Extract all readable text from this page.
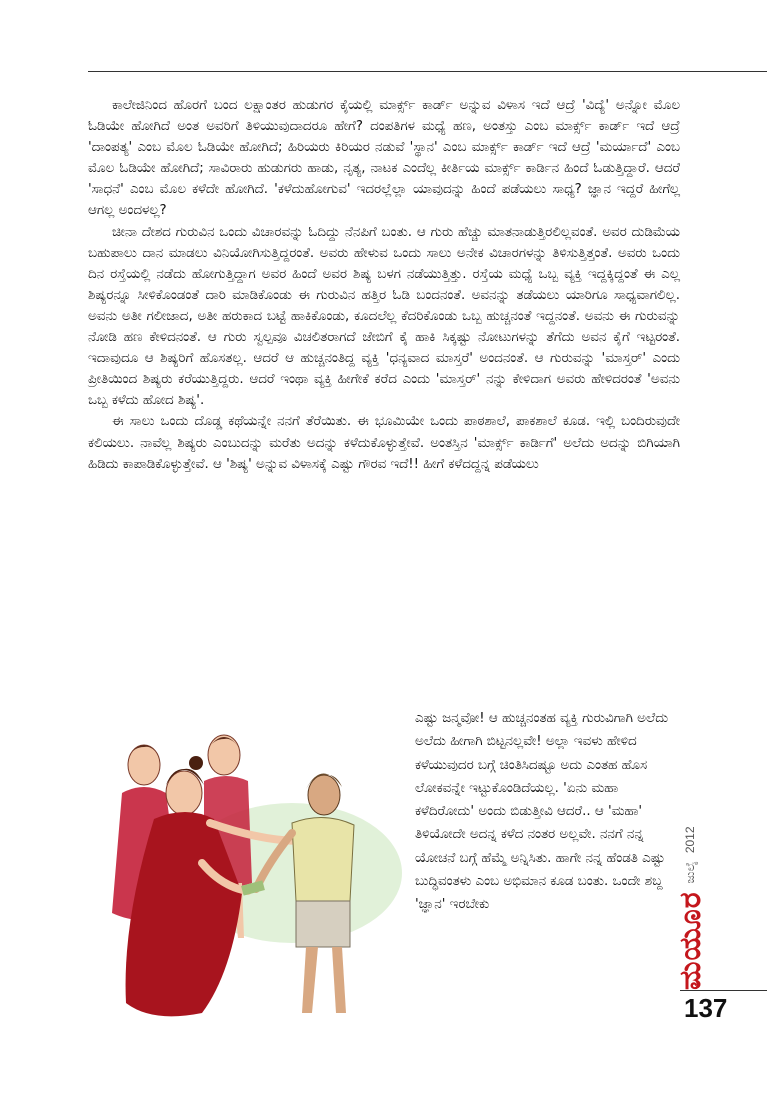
ಕಾಲೇಜಿನಿಂದ ಹೊರಗೆ ಬಂದ ಲಕ್ಷಾಂತರ ಹುಡುಗರ ಕೈಯಲ್ಲಿ ಮಾರ್ಕ್ಸ್ ಕಾರ್ಡ್ ಅನ್ನುವ ವಿಳಾಸ ಇದೆ ಆದ್ರೆ 'ವಿದ್ಯೆ' ಅನ್ನೋ ಮೊಲ ಓಡಿಯೇ ಹೋಗಿದೆ ಅಂತ ಅವರಿಗೆ ತಿಳಿಯುವುದಾದರೂ ಹೇಗೆ? ದಂಪತಿಗಳ ಮಧ್ಯೆ ಹಣ, ಅಂತಸ್ತು ಎಂಬ ಮಾರ್ಕ್ಸ್ ಕಾರ್ಡ್ ಇದೆ ಆದ್ರೆ 'ದಾಂಪತ್ಯ' ಎಂಬ ಮೊಲ ಓಡಿಯೇ ಹೋಗಿದೆ; ಹಿರಿಯರು ಕಿರಿಯರ ನಡುವೆ 'ಸ್ಥಾನ' ಎಂಬ ಮಾರ್ಕ್ಸ್ ಕಾರ್ಡ್ ಇದೆ ಆದ್ರೆ 'ಮರ್ಯಾದೆ' ಎಂಬ ಮೊಲ ಓಡಿಯೇ ಹೋಗಿದೆ; ಸಾವಿರಾರು ಹುಡುಗರು ಹಾಡು, ನೃತ್ಯ, ನಾಟಕ ಎಂದೆಲ್ಲ ಕೀರ್ತಿಯ ಮಾರ್ಕ್ಸ್ ಕಾರ್ಡಿನ ಹಿಂದೆ ಓಡುತ್ತಿದ್ದಾರೆ. ಆದರೆ 'ಸಾಧನೆ' ಎಂಬ ಮೊಲ ಕಳೆದೇ ಹೋಗಿದೆ. 'ಕಳೆದುಹೋಗುವ' ಇದರಲ್ಲೆಲ್ಲಾ ಯಾವುದನ್ನು ಹಿಂದೆ ಪಡೆಯಲು ಸಾಧ್ಯ? ಜ್ಞಾನ ಇದ್ದರೆ ಹೀಗೆಲ್ಲ ಆಗಲ್ಲ ಅಂದಳಲ್ಲ?

ಚೀನಾ ದೇಶದ ಗುರುವಿನ ಒಂದು ವಿಚಾರವನ್ನು ಓದಿದ್ದು ನೆನಪಿಗೆ ಬಂತು. ಆ ಗುರು ಹೆಚ್ಚು ಮಾತನಾಡುತ್ತಿರಲಿಲ್ಲವಂತೆ. ಅವರ ದುಡಿಮೆಯ ಬಹುಪಾಲು ದಾನ ಮಾಡಲು ವಿನಿಯೋಗಿಸುತ್ತಿದ್ದರಂತೆ. ಅವರು ಹೇಳುವ ಒಂದು ಸಾಲು ಅನೇಕ ವಿಚಾರಗಳನ್ನು ತಿಳಿಸುತ್ತಿತ್ತಂತೆ. ಅವರು ಒಂದು ದಿನ ರಸ್ತೆಯಲ್ಲಿ ನಡೆದು ಹೋಗುತ್ತಿದ್ದಾಗ ಅವರ ಹಿಂದೆ ಅವರ ಶಿಷ್ಯ ಬಳಗ ನಡೆಯುತ್ತಿತ್ತು. ರಸ್ತೆಯ ಮಧ್ಯೆ ಒಬ್ಬ ವ್ಯಕ್ತಿ ಇದ್ದಕ್ಕಿದ್ದಂತೆ ಈ ಎಲ್ಲ ಶಿಷ್ಯರನ್ನೂ ಸೀಳಿಕೊಂಡಂತೆ ದಾರಿ ಮಾಡಿಕೊಂಡು ಈ ಗುರುವಿನ ಹತ್ತಿರ ಓಡಿ ಬಂದನಂತೆ. ಅವನನ್ನು ತಡೆಯಲು ಯಾರಿಗೂ ಸಾಧ್ಯವಾಗಲಿಲ್ಲ. ಅವನು ಅತೀ ಗಲೀಜಾದ, ಅತೀ ಹರುಕಾದ ಬಟ್ಟೆ ಹಾಕಿಕೊಂಡು, ಕೂದಲೆಲ್ಲ ಕೆದರಿಕೊಂಡು ಒಬ್ಬ ಹುಚ್ಚನಂತೆ ಇದ್ದನಂತೆ. ಅವನು ಈ ಗುರುವನ್ನು ನೋಡಿ ಹಣ ಕೇಳಿದನಂತೆ. ಆ ಗುರು ಸ್ವಲ್ಪವೂ ವಿಚಲಿತರಾಗದೆ ಜೇಬಿಗೆ ಕೈ ಹಾಕಿ ಸಿಕ್ಕಷ್ಟು ನೋಟುಗಳನ್ನು ತೆಗೆದು ಅವನ ಕೈಗೆ ಇಟ್ಟರಂತೆ. ಇದಾವುದೂ ಆ ಶಿಷ್ಯರಿಗೆ ಹೊಸತಲ್ಲ. ಆದರೆ ಆ ಹುಚ್ಚನಂತಿದ್ದ ವ್ಯಕ್ತಿ 'ಧನ್ಯವಾದ ಮಾಸ್ತರೆ' ಅಂದನಂತೆ. ಆ ಗುರುವನ್ನು 'ಮಾಸ್ತರ್' ಎಂದು ಪ್ರೀತಿಯಿಂದ ಶಿಷ್ಯರು ಕರೆಯುತ್ತಿದ್ದರು. ಆದರೆ ಇಂಥಾ ವ್ಯಕ್ತಿ ಹೀಗೇಕೆ ಕರೆದ ಎಂದು 'ಮಾಸ್ತರ್' ನನ್ನು ಕೇಳಿದಾಗ ಅವರು ಹೇಳಿದರಂತೆ 'ಅವನು ಒಬ್ಬ ಕಳೆದು ಹೋದ ಶಿಷ್ಯ'.

ಈ ಸಾಲು ಒಂದು ದೊಡ್ಡ ಕಥೆಯನ್ನೇ ನನಗೆ ತೆರೆಯಿತು. ಈ ಭೂಮಿಯೇ ಒಂದು ಪಾಠಶಾಲೆ, ಪಾಕಶಾಲೆ ಕೂಡ. ಇಲ್ಲಿ ಬಂದಿರುವುದೇ ಕಲಿಯಲು. ನಾವೆಲ್ಲ ಶಿಷ್ಯರು ಎಂಬುದನ್ನು ಮರೆತು ಅದನ್ನು ಕಳೆದುಕೊಳ್ಳುತ್ತೇವೆ. ಅಂತಸ್ತಿನ 'ಮಾರ್ಕ್ಸ್ ಕಾರ್ಡಿಗೆ' ಅಲೆದು ಅದನ್ನು ಬಿಗಿಯಾಗಿ ಹಿಡಿದು ಕಾಪಾಡಿಕೊಳ್ಳುತ್ತೇವೆ. ಆ 'ಶಿಷ್ಯ' ಅನ್ನುವ ವಿಳಾಸಕ್ಕೆ ಎಷ್ಟು ಗೌರವ ಇದೆ!! ಹೀಗೆ ಕಳೆದದ್ದನ್ನ ಪಡೆಯಲು

ಎಷ್ಟು ಜನ್ಮವೋ! ಆ ಹುಚ್ಚನಂತಹ ವ್ಯಕ್ತಿ ಗುರುವಿಗಾಗಿ ಅಲೆದು ಅಲೆದು ಹೀಗಾಗಿ ಬಿಟ್ಟನಲ್ಲವೇ! ಅಲ್ಲಾ ಇವಳು ಹೇಳಿದ ಕಳೆಯುವುದರ ಬಗ್ಗೆ ಚಿಂತಿಸಿದಷ್ಟೂ ಅದು ಎಂತಹ ಹೊಸ ಲೋಕವನ್ನೇ ಇಟ್ಟುಕೊಂಡಿದೆಯಲ್ಲ. 'ಏನು ಮಹಾ ಕಳೆದಿರೋದು' ಅಂದು ಬಿಡುತ್ತೀವಿ ಆದರೆ.. ಆ 'ಮಹಾ' ತಿಳಿಯೋದೇ ಅದನ್ನ ಕಳೆದ ನಂತರ ಅಲ್ಲವೇ. ನನಗೆ ನನ್ನ ಯೋಚನೆ ಬಗ್ಗೆ ಹೆಮ್ಮೆ ಅನ್ನಿಸಿತು. ಹಾಗೇ ನನ್ನ ಹೆಂಡತಿ ಎಷ್ಟು ಬುದ್ಧಿವಂತಳು ಎಂಬ ಅಭಿಮಾನ ಕೂಡ ಬಂತು. ಒಂದೇ ಶಬ್ದ 'ಜ್ಞಾನ' ಇರಬೇಕು	ಮಯೂರ
ಜುಲೈ
2012
137
